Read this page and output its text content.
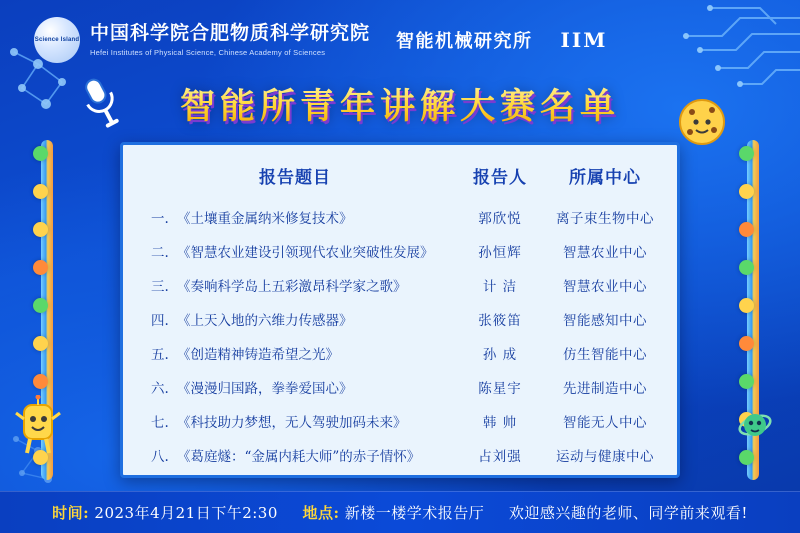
Science Island 中国科学院合肥物质科学研究院
Hefei Institutes of Physical Science, Chinese Academy of Sciences
智能机械研究所 IIM
智能所青年讲解大赛名单
报告题目	报告人	所属中心
一. 《土壤重金属纳米修复技术》	郭欣悦	离子束生物中心
二. 《智慧农业建设引领现代农业突破性发展》	孙恒辉	智慧农业中心
三. 《奏响科学岛上五彩激昂科学家之歌》	计 洁	智慧农业中心
四. 《上天入地的六维力传感器》	张筱笛	智能感知中心
五. 《创造精神铸造希望之光》	孙 成	仿生智能中心
六. 《漫漫归国路，拳拳爱国心》	陈星宇	先进制造中心
七. 《科技助力梦想，无人驾驶加码未来》	韩 帅	智能无人中心
八. 《葛庭燧：“金属内耗大师”的赤子情怀》	占刘强	运动与健康中心
时间: 2023年4月21日下午2:30 地点: 新楼一楼学术报告厅 欢迎感兴趣的老师、同学前来观看!
